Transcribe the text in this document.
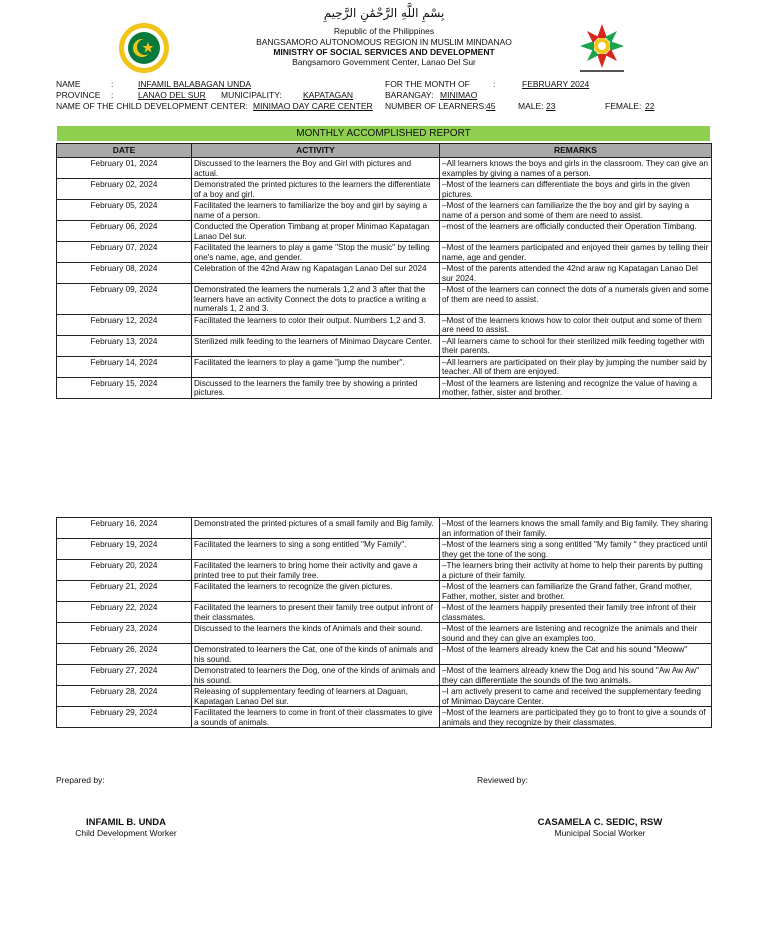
بِسْمِ اللَّهِ الرَّحْمَٰنِ الرَّحِيمِ
Republic of the Philippines
BANGSAMORO AUTONOMOUS REGION IN MUSLIM MINDANAO
MINISTRY OF SOCIAL SERVICES AND DEVELOPMENT
Bangsamoro Government Center, Lanao Del Sur
NAME	:	INFAMIL BALABAGAN UNDA	FOR THE MONTH OF	:	FEBRUARY 2024
PROVINCE :	LANAO DEL SUR MUNICIPALITY: KAPATAGAN	BARANGAY: MINIMAO
NAME OF THE CHILD DEVELOPMENT CENTER: MINIMAO DAY CARE CENTER NUMBER OF LEARNERS: 45	MALE: 23	FEMALE: 22
MONTHLY ACCOMPLISHED REPORT
DATE	ACTIVITY	REMARKS
February 01, 2024	Discussed to the learners the Boy and Girl with pictures and actual.	–All learners knows the boys and girls in the classroom. They can give an examples by giving a names of a person.
February 02, 2024	Demonstrated the printed pictures to the learners the differentiate of a boy and girl.	–Most of the learners can differentiate the boys and girls in the given pictures.
February 05, 2024	Facilitated the learners to familiarize the boy and girl by saying a name of a person.	–Most of the learners can familiarize the the boy and girl by saying a name of a person and some of them are need to assist.
February 06, 2024	Conducted the Operation Timbang at proper Minimao Kapatagan Lanao Del sur.	–most of the learners are officially conducted their Operation Timbang.
February 07, 2024	Facilitated the learners to play a game "Stop the music" by telling one's name, age, and gender.	–Most of the learners participated and enjoyed their games by telling their name, age and gender.
February 08, 2024	Celebration of the 42nd Araw ng Kapatagan Lanao Del sur 2024	–Most of the parents attended the 42nd araw ng Kapatagan Lanao Del sur 2024.
February 09, 2024	Demonstrated the learners the numerals 1,2 and 3 after that the learners have an activity Connect the dots to practice a writing a numerals 1, 2 and 3.	–Most of the learners can connect the dots of a numerals given and some of them are need to assist.
February 12, 2024	Facilitated the learners to color their output. Numbers 1,2 and 3.	–Most of the learners knows how to color their output and some of them are need to assist.
February 13, 2024	Sterilized milk feeding to the learners of Minimao Daycare Center.	–All learners came to school for their sterilized milk feeding together with their parents.
February 14, 2024	Facilitated the learners to play a game "jump the number".	–All learners are participated on their play by jumping the number said by teacher. All of them are enjoyed.
February 15, 2024	Discussed to the learners the family tree by showing a printed pictures.	–Most of the learners are listening and recognize the value of having a mother, father, sister and brother.
February 16, 2024	Demonstrated the printed pictures of a small family and Big family.	–Most of the learners knows the small family and Big family. They sharing an information of their family.
February 19, 2024	Facilitated the learners to sing a song entitled "My Family".	–Most of the learners sing a song entitled "My family " they practiced until they get the tone of the song.
February 20, 2024	Facilitated the learners to bring home their activity and gave a printed tree to put their family tree.	–The learners bring their activity at home to help their parents by putting a picture of their family.
February 21, 2024	Facilitated the learners to recognize the given pictures.	–Most of the learners can familiarize the Grand father, Grand mother, Father, mother, sister and brother.
February 22, 2024	Facilitated the learners to present their family tree output infront of their classmates.	–Most of the learners happily presented their family tree infront of their classmates.
February 23, 2024	Discussed to the learners the kinds of Animals and their sound.	–Most of the learners are listening and recognize the animals and their sound and they can give an examples too.
February 26, 2024	Demonstrated to learners the Cat, one of the kinds of animals and his sound.	–Most of the learners already knew the Cat and his sound "Meoww"
February 27, 2024	Demonstrated to learners the Dog, one of the kinds of animals and his sound.	–Most of the learners already knew the Dog and his sound "Aw Aw Aw" they can differentiate the sounds of the two animals.
February 28, 2024	Releasing of supplementary feeding of learners at Daguan, Kapatagan Lanao Del sur.	–I am actively present to came and received the supplementary feeding of Minimao Daycare Center.
February 29, 2024	Facilitated the learners to come in front of their classmates to give a sounds of animals.	–Most of the learners are participated they go to front to give a sounds of animals and they recognize by their classmates.
Prepared by:	Reviewed by:
INFAMIL B. UNDA
Child Development Worker
CASAMELA C. SEDIC, RSW
Municipal Social Worker
